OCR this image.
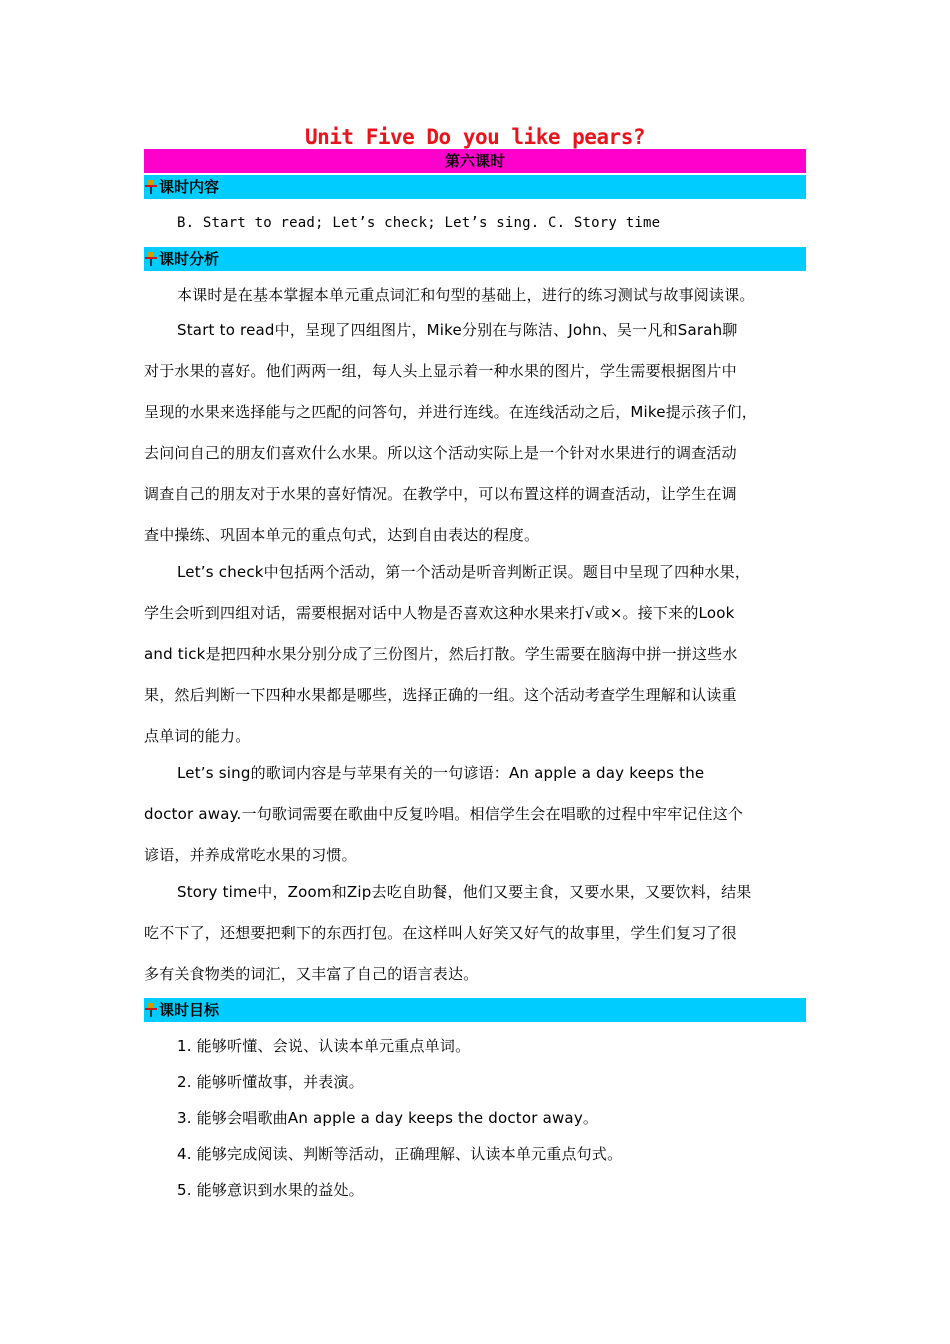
Unit Five Do you like pears?
第六课时
课时内容
B. Start to read; Let’s check; Let’s sing. C. Story time
课时分析
本课时是在基本掌握本单元重点词汇和句型的基础上，进行的练习测试与故事阅读课。
Start to read中，呈现了四组图片，Mike分别在与陈洁、John、吴一凡和Sarah聊
对于水果的喜好。他们两两一组，每人头上显示着一种水果的图片，学生需要根据图片中
呈现的水果来选择能与之匹配的问答句，并进行连线。在连线活动之后，Mike提示孩子们，
去问问自己的朋友们喜欢什么水果。所以这个活动实际上是一个针对水果进行的调查活动
调查自己的朋友对于水果的喜好情况。在教学中，可以布置这样的调查活动，让学生在调
查中操练、巩固本单元的重点句式，达到自由表达的程度。
Let’s check中包括两个活动，第一个活动是听音判断正误。题目中呈现了四种水果，
学生会听到四组对话，需要根据对话中人物是否喜欢这种水果来打√或×。接下来的Look
and tick是把四种水果分别分成了三份图片，然后打散。学生需要在脑海中拼一拼这些水
果，然后判断一下四种水果都是哪些，选择正确的一组。这个活动考查学生理解和认读重
点单词的能力。
Let’s sing的歌词内容是与苹果有关的一句谚语：An apple a day keeps the
doctor away.一句歌词需要在歌曲中反复吟唱。相信学生会在唱歌的过程中牢牢记住这个
谚语，并养成常吃水果的习惯。
Story time中，Zoom和Zip去吃自助餐，他们又要主食，又要水果，又要饮料，结果
吃不下了，还想要把剩下的东西打包。在这样叫人好笑又好气的故事里，学生们复习了很
多有关食物类的词汇，又丰富了自己的语言表达。
课时目标
1. 能够听懂、会说、认读本单元重点单词。
2. 能够听懂故事，并表演。
3. 能够会唱歌曲An apple a day keeps the doctor away。
4. 能够完成阅读、判断等活动，正确理解、认读本单元重点句式。
5. 能够意识到水果的益处。
